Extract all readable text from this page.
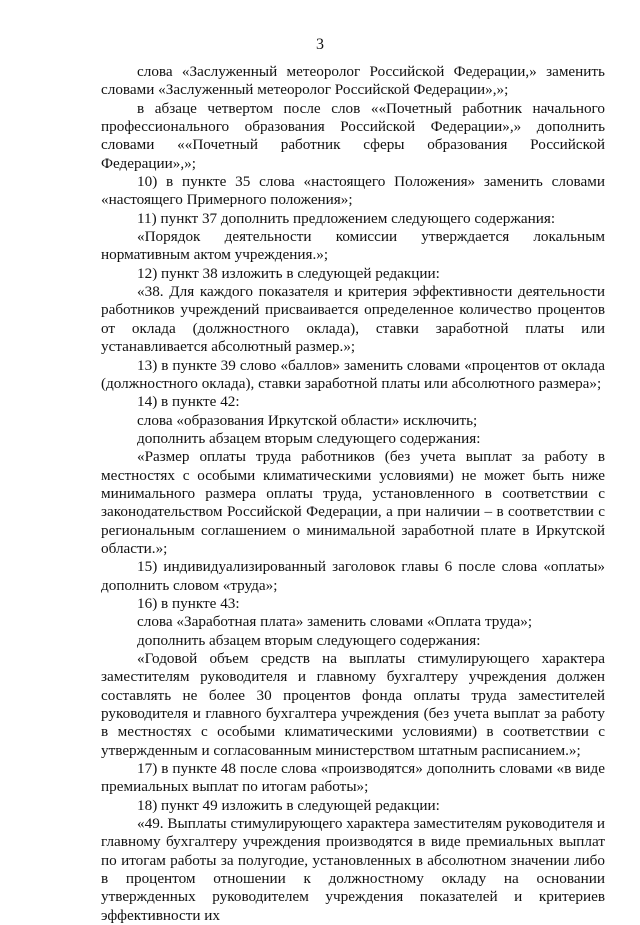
3

слова «Заслуженный метеоролог Российской Федерации,» заменить словами «Заслуженный метеоролог Российской Федерации»,»;

в абзаце четвертом после слов ««Почетный работник начального профессионального образования Российской Федерации»,» дополнить словами ««Почетный работник сферы образования Российской Федерации»,»;

10) в пункте 35 слова «настоящего Положения» заменить словами «настоящего Примерного положения»;

11) пункт 37 дополнить предложением следующего содержания:

«Порядок деятельности комиссии утверждается локальным нормативным актом учреждения.»;

12) пункт 38 изложить в следующей редакции:

«38. Для каждого показателя и критерия эффективности деятельности работников учреждений присваивается определенное количество процентов от оклада (должностного оклада), ставки заработной платы или устанавливается абсолютный размер.»;

13) в пункте 39 слово «баллов» заменить словами «процентов от оклада (должностного оклада), ставки заработной платы или абсолютного размера»;

14) в пункте 42:

слова «образования Иркутской области» исключить;

дополнить абзацем вторым следующего содержания:

«Размер оплаты труда работников (без учета выплат за работу в местностях с особыми климатическими условиями) не может быть ниже минимального размера оплаты труда, установленного в соответствии с законодательством Российской Федерации, а при наличии – в соответствии с региональным соглашением о минимальной заработной плате в Иркутской области.»;

15) индивидуализированный заголовок главы 6 после слова «оплаты» дополнить словом «труда»;

16) в пункте 43:

слова «Заработная плата» заменить словами «Оплата труда»;

дополнить абзацем вторым следующего содержания:

«Годовой объем средств на выплаты стимулирующего характера заместителям руководителя и главному бухгалтеру учреждения должен составлять не более 30 процентов фонда оплаты труда заместителей руководителя и главного бухгалтера учреждения (без учета выплат за работу в местностях с особыми климатическими условиями) в соответствии с утвержденным и согласованным министерством штатным расписанием.»;

17) в пункте 48 после слова «производятся» дополнить словами «в виде премиальных выплат по итогам работы»;

18) пункт 49 изложить в следующей редакции:

«49. Выплаты стимулирующего характера заместителям руководителя и главному бухгалтеру учреждения производятся в виде премиальных выплат по итогам работы за полугодие, установленных в абсолютном значении либо в процентом отношении к должностному окладу на основании утвержденных руководителем учреждения показателей и критериев эффективности их
